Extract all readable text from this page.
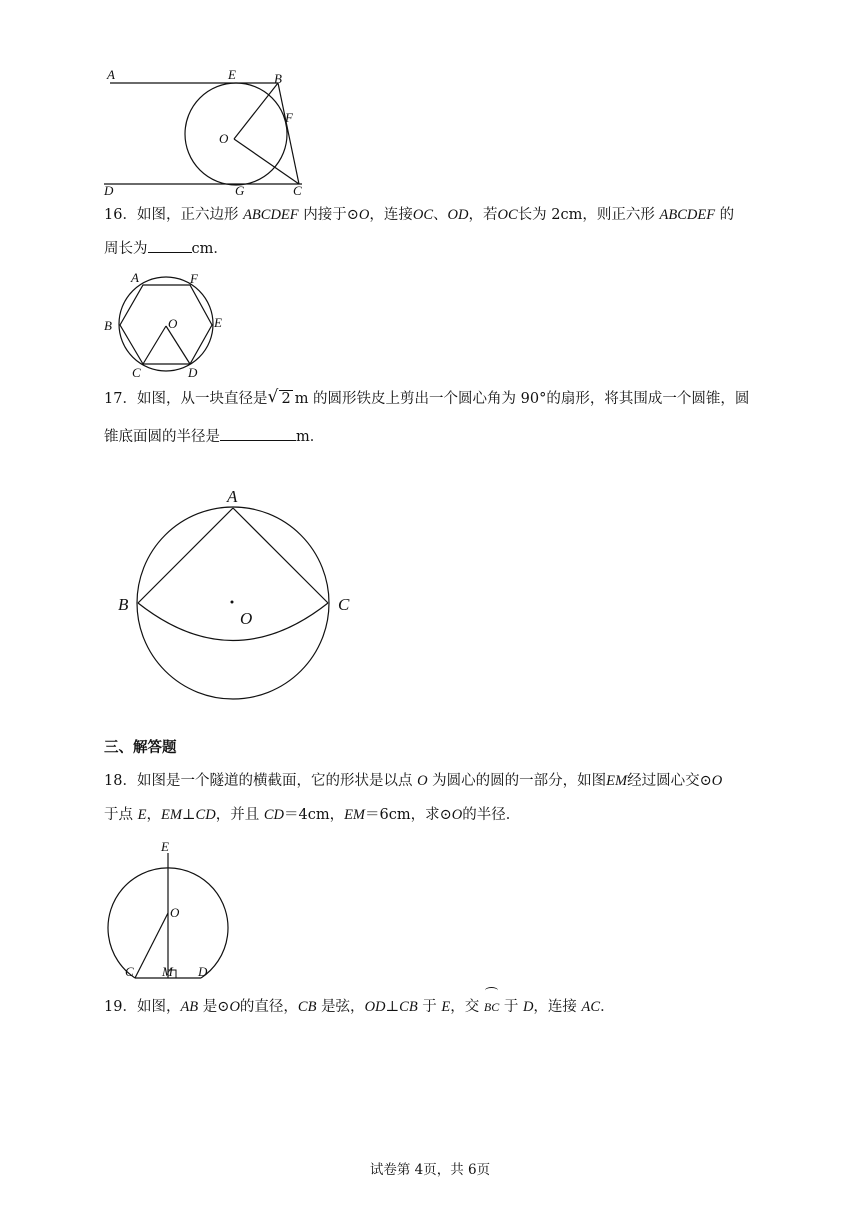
A	E	B
O
F
D	G	C
16．如图，正六边形 ABCDEF 内接于⊙O，连接OC、OD，若OC长为 2cm，则正六形 ABCDEF 的
周长为	cm．
A	F
B	O	E
C	D
17．如图，从一块直径是 √ 2 m 的圆形铁皮上剪出一个圆心角为 90°的扇形，将其围成一个圆锥，圆
锥底面圆的半径是	m．
A
B
O
C
三、解答题
18．如图是一个隧道的横截面，它的形状是以点 O 为圆心的圆的一部分，如图EM经过圆心交⊙O
于点 E，EM⊥CD，并且 CD＝4cm，EM＝6cm，求⊙O的半径．
E
O
C M D
19．如图，AB 是⊙O的直径，CB 是弦，OD⊥CB 于 E，交 BC 于 D，连接 AC．
试卷第 4页，共 6页
